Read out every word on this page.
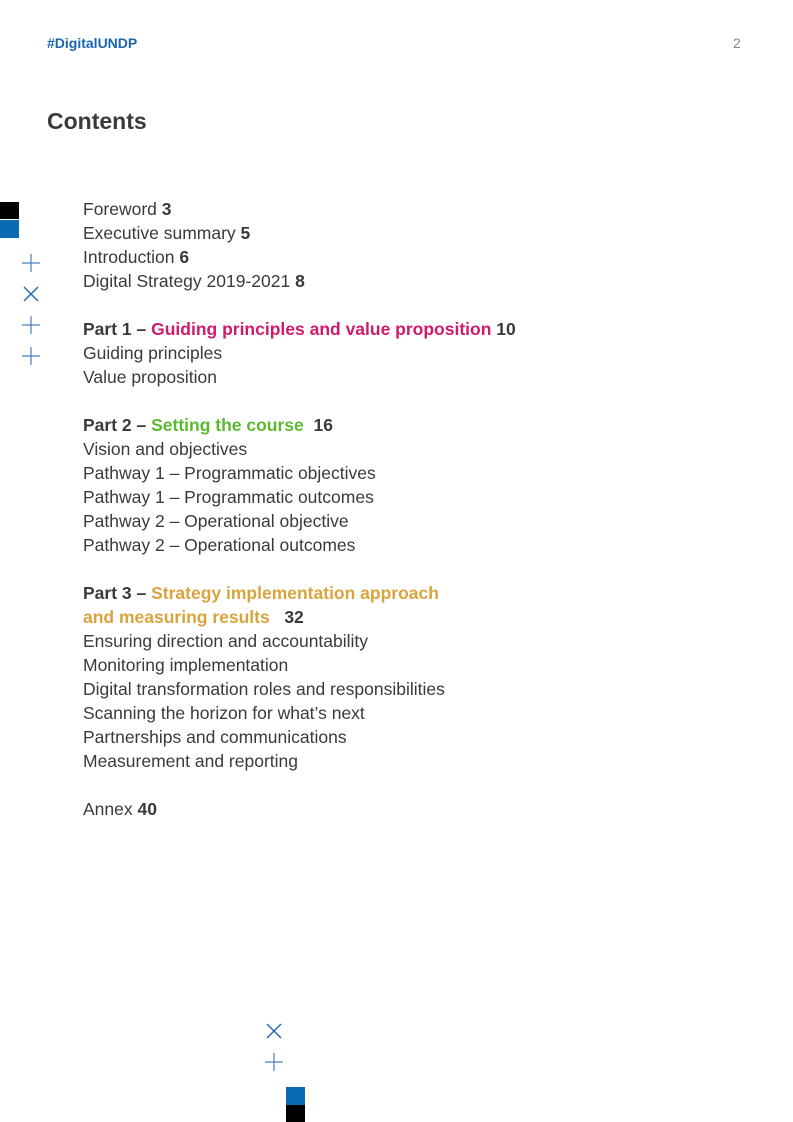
#DigitalUNDP	2
Contents
Foreword 3
Executive summary 5
Introduction 6
Digital Strategy 2019-2021 8
Part 1 – Guiding principles and value proposition 10
Guiding principles
Value proposition
Part 2 – Setting the course 16
Vision and objectives
Pathway 1 – Programmatic objectives
Pathway 1 – Programmatic outcomes
Pathway 2 – Operational objective
Pathway 2 – Operational outcomes
Part 3 – Strategy implementation approach
and measuring results 32
Ensuring direction and accountability
Monitoring implementation
Digital transformation roles and responsibilities
Scanning the horizon for what’s next
Partnerships and communications
Measurement and reporting
Annex 40
